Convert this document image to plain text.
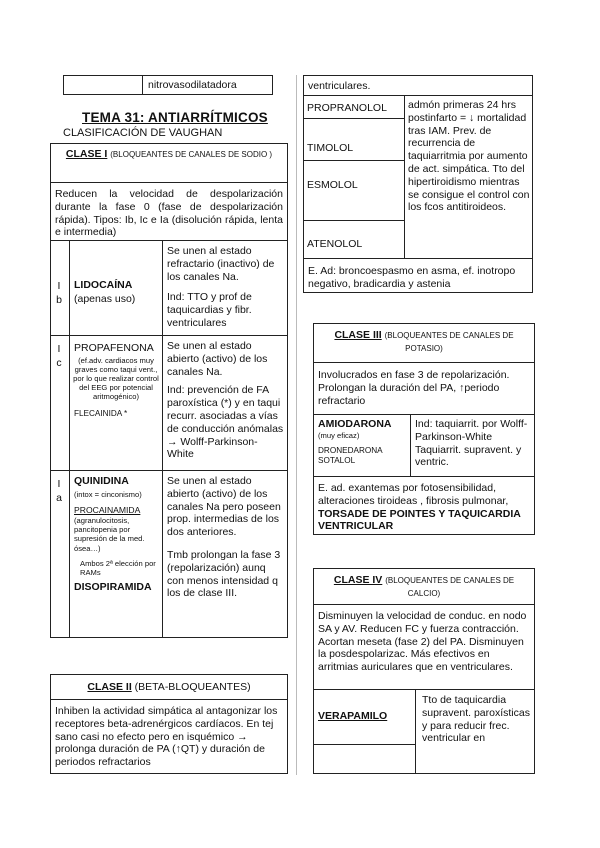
nitrovasodilatadora
TEMA 31: ANTIARRÍTMICOS
CLASIFICACIÓN DE VAUGHAN
CLASE I (BLOQUEANTES DE CANALES DE SODIO )
Reducen la velocidad de despolarización durante la fase 0 (fase de despolarización rápida). Tipos: Ib, Ic e Ia (disolución rápida, lenta e intermedia)
I
b
LIDOCAÍNA
(apenas uso)
Se unen al estado refractario (inactivo) de los canales Na.
Ind: TTO y prof de taquicardias y fibr. ventriculares
I
c
PROPAFENONA
(ef.adv. cardiacos muy graves como taqui vent., por lo que realizar control del EEG por potencial aritmogénico)
FLECAINIDA *
Se unen al estado abierto (activo) de los canales Na.
Ind: prevención de FA paroxística (*) y en taqui recurr. asociadas a vías de conducción anómalas → Wolff-Parkinson-White
I
a
QUINIDINA
(intox = cinconismo)
PROCAINAMIDA
(agranulocitosis, pancitopenia por supresión de la med. ósea…)
Ambos 2ª elección por RAMs
DISOPIRAMIDA
Se unen al estado abierto (activo) de los canales Na pero poseen prop. intermedias de los dos anteriores.
Tmb prolongan la fase 3 (repolarización) aunq con menos intensidad q los de clase III.
CLASE II (BETA-BLOQUEANTES)
Inhiben la actividad simpática al antagonizar los receptores beta-adrenérgicos cardíacos. En tej sano casi no efecto pero en isquémico → prolonga duración de PA (↑QT) y duración de periodos refractarios
ventriculares.
PROPRANOLOL
TIMOLOL
ESMOLOL
ATENOLOL
admón primeras 24 hrs postinfarto = ↓ mortalidad tras IAM. Prev. de recurrencia de taquiarritmia por aumento de act. simpática. Tto del hipertiroidismo mientras se consigue el control con los fcos antitiroideos.
E. Ad: broncoespasmo en asma, ef. inotropo negativo, bradicardia y astenia
CLASE III (BLOQUEANTES DE CANALES DE POTASIO)
Involucrados en fase 3 de repolarización. Prolongan la duración del PA, ↑periodo refractario
AMIODARONA
(muy eficaz)
DRONEDARONA
SOTALOL
Ind: taquiarrit. por Wolff-Parkinson-White Taquiarrit. supravent. y ventric.
E. ad. exantemas por fotosensibilidad, alteraciones tiroideas , fibrosis pulmonar,
TORSADE DE POINTES Y TAQUICARDIA VENTRICULAR
CLASE IV (BLOQUEANTES DE CANALES DE CALCIO)
Disminuyen la velocidad de conduc. en nodo SA y AV. Reducen FC y fuerza contracción. Acortan meseta (fase 2) del PA. Disminuyen la posdespolarizac. Más efectivos en arritmias auriculares que en ventriculares.
VERAPAMILO
Tto de taquicardia supravent. paroxísticas y para reducir frec. ventricular en
